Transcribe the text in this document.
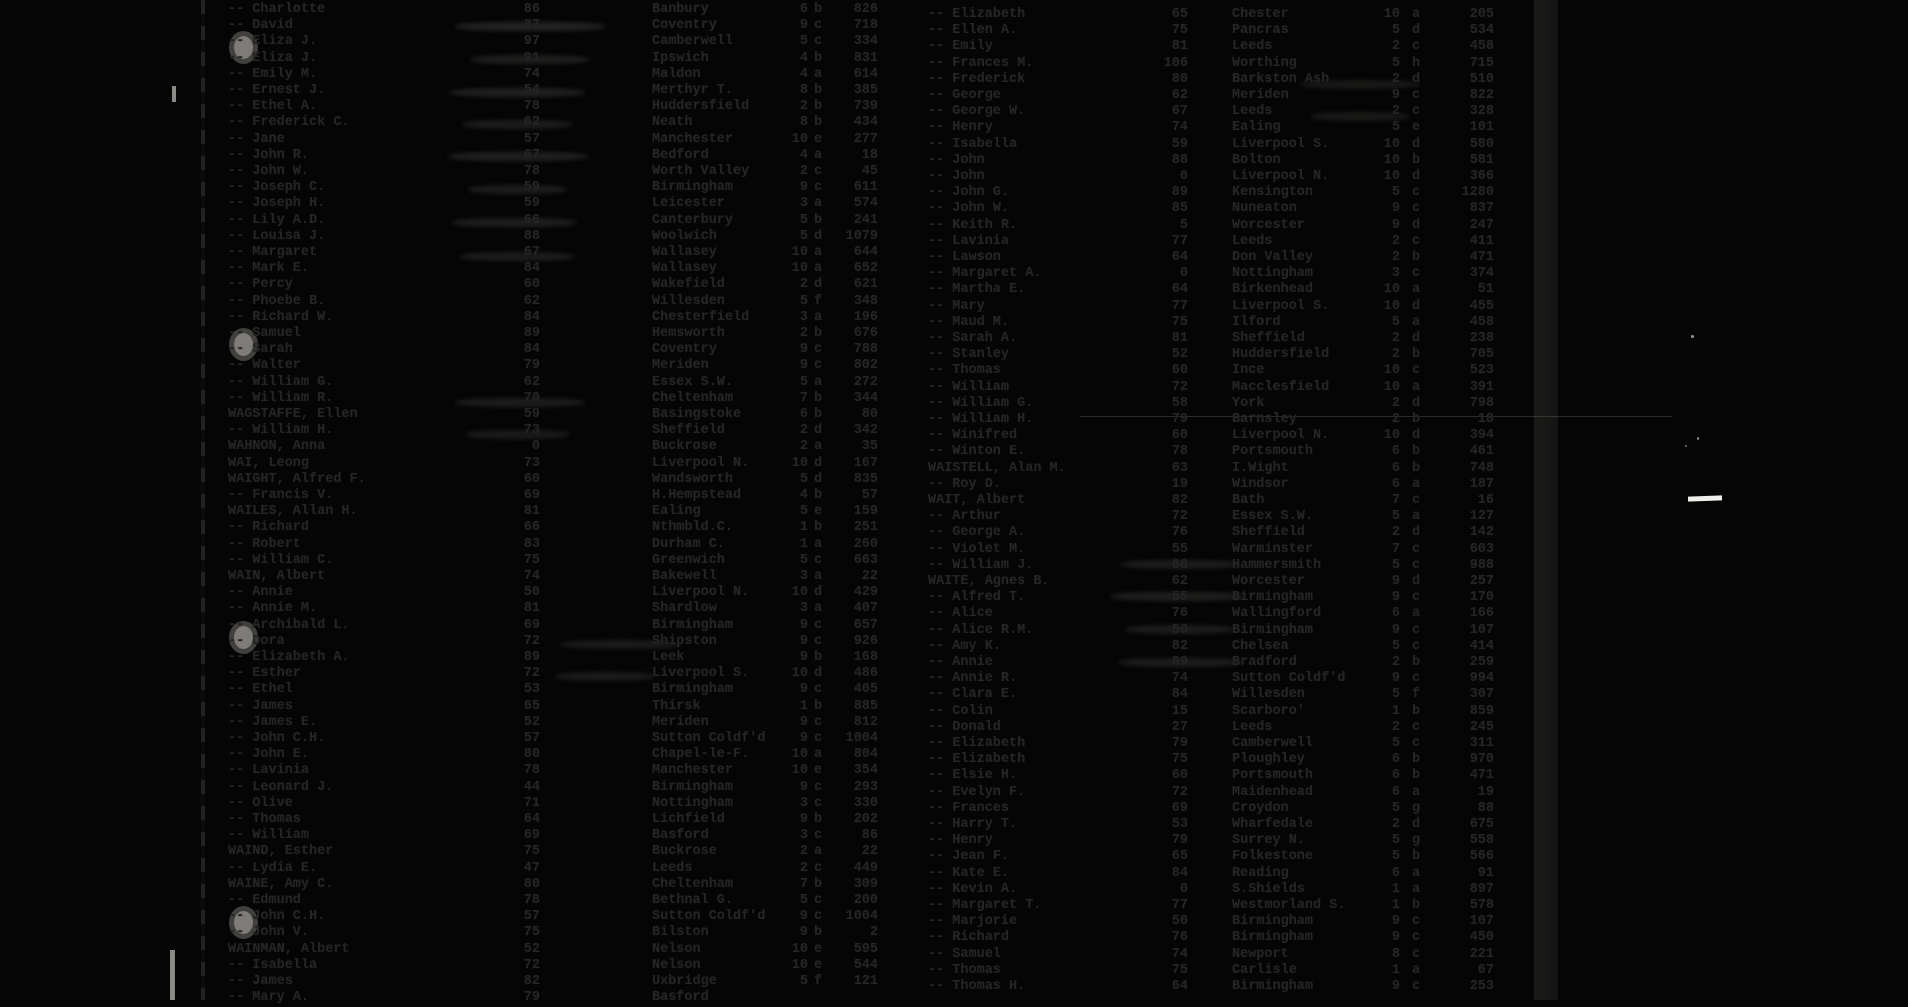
-- Charlotte	86	Banbury	6 b	826
-- David	87	Coventry	9 c	718
-- Eliza J.	97	Camberwell	5 c	334
-- Eliza J.	91	Ipswich	4 b	831
-- Emily M.	74	Maldon	4 a	614
-- Ernest J.	54	Merthyr T.	8 b	385
-- Ethel A.	78	Huddersfield	2 b	739
-- Frederick C.	62	Neath	8 b	434
-- Jane	57	Manchester	10 e	277
-- John R.	67	Bedford	4 a	18
-- John W.	78	Worth Valley	2 c	45
-- Joseph C.	59	Birmingham	9 c	611
-- Joseph H.	59	Leicester	3 a	574
-- Lily A.D.	66	Canterbury	5 b	241
-- Louisa J.	88	Woolwich	5 d	1079
-- Margaret	67	Wallasey	10 a	644
-- Mark E.	84	Wallasey	10 a	652
-- Percy	60	Wakefield	2 d	621
-- Phoebe B.	62	Willesden	5 f	348
-- Richard W.	84	Chesterfield	3 a	196
-- Samuel	89	Hemsworth	2 b	676
-- Sarah	84	Coventry	9 c	788
-- Walter	79	Meriden	9 c	802
-- William G.	62	Essex S.W.	5 a	272
-- William R.	70	Cheltenham	7 b	344
WAGSTAFFE, Ellen	59	Basingstoke	6 b	80
-- William H.	73	Sheffield	2 d	342
WAHNON, Anna	0	Buckrose	2 a	35
WAI, Leong	73	Liverpool N.	10 d	167
WAIGHT, Alfred F.	60	Wandsworth	5 d	835
-- Francis V.	69	H.Hempstead	4 b	57
WAILES, Allan H.	81	Ealing	5 e	159
-- Richard	66	Nthmbld.C.	1 b	251
-- Robert	83	Durham C.	1 a	260
-- William C.	75	Greenwich	5 c	663
WAIN, Albert	74	Bakewell	3 a	22
-- Annie	50	Liverpool N.	10 d	429
-- Annie M.	81	Shardlow	3 a	407
-- Archibald L.	69	Birmingham	9 c	657
-- Dora	72	Shipston	9 c	926
-- Elizabeth A.	89	Leek	9 b	168
-- Esther	72	Liverpool S.	10 d	486
-- Ethel	53	Birmingham	9 c	405
-- James	65	Thirsk	1 b	885
-- James E.	52	Meriden	9 c	812
-- John C.H.	57	Sutton Coldf'd	9 c	1004
-- John E.	80	Chapel-le-F.	10 a	804
-- Lavinia	78	Manchester	10 e	354
-- Leonard J.	44	Birmingham	9 c	293
-- Olive	71	Nottingham	3 c	330
-- Thomas	64	Lichfield	9 b	202
-- William	69	Basford	3 c	86
WAIND, Esther	75	Buckrose	2 a	22
-- Lydia E.	47	Leeds	2 c	449
WAINE, Amy C.	80	Cheltenham	7 b	309
-- Edmund	78	Bethnal G.	5 c	200
-- John C.H.	57	Sutton Coldf'd	9 c	1004
-- John V.	75	Bilston	9 b	2
WAINMAN, Albert	52	Nelson	10 e	595
-- Isabella	72	Nelson	10 e	544
-- James	82	Uxbridge	5 f	121
-- Mary A.	79	Basford
-- Elizabeth	65	Chester	10 a	205
-- Ellen A.	75	Pancras	5 d	534
-- Emily	81	Leeds	2 c	458
-- Frances M.	106	Worthing	5 h	715
-- Frederick	80	Barkston Ash	2 d	510
-- George	62	Meriden	9 c	822
-- George W.	67	Leeds	2 c	328
-- Henry	74	Ealing	5 e	101
-- Isabella	59	Liverpool S.	10 d	580
-- John	88	Bolton	10 b	581
-- John	0	Liverpool N.	10 d	366
-- John G.	89	Kensington	5 c	1280
-- John W.	85	Nuneaton	9 c	837
-- Keith R.	5	Worcester	9 d	247
-- Lavinia	77	Leeds	2 c	411
-- Lawson	64	Don Valley	2 b	471
-- Margaret A.	0	Nottingham	3 c	374
-- Martha E.	64	Birkenhead	10 a	51
-- Mary	77	Liverpool S.	10 d	455
-- Maud M.	75	Ilford	5 a	458
-- Sarah A.	81	Sheffield	2 d	238
-- Stanley	52	Huddersfield	2 b	705
-- Thomas	60	Ince	10 c	523
-- William	72	Macclesfield	10 a	391
-- William G.	58	York	2 d	798
-- William H.	79	Barnsley	2 b	18
-- Winifred	60	Liverpool N.	10 d	394
-- Winton E.	78	Portsmouth	6 b	461
WAISTELL, Alan M.	63	I.Wight	6 b	748
-- Roy D.	19	Windsor	6 a	187
WAIT, Albert	82	Bath	7 c	16
-- Arthur	72	Essex S.W.	5 a	127
-- George A.	76	Sheffield	2 d	142
-- Violet M.	55	Warminster	7 c	603
-- William J.	68	Hammersmith	5 c	988
WAITE, Agnes B.	62	Worcester	9 d	257
-- Alfred T.	55	Birmingham	9 c	170
-- Alice	76	Wallingford	6 a	166
-- Alice R.M.	50	Birmingham	9 c	107
-- Amy K.	82	Chelsea	5 c	414
-- Annie	89	Bradford	2 b	259
-- Annie R.	74	Sutton Coldf'd	9 c	994
-- Clara E.	84	Willesden	5 f	307
-- Colin	15	Scarboro'	1 b	859
-- Donald	27	Leeds	2 c	245
-- Elizabeth	79	Camberwell	5 c	311
-- Elizabeth	75	Ploughley	6 b	970
-- Elsie H.	60	Portsmouth	6 b	471
-- Evelyn F.	72	Maidenhead	6 a	19
-- Frances	69	Croydon	5 g	88
-- Harry T.	53	Wharfedale	2 d	675
-- Henry	79	Surrey N.	5 g	558
-- Jean F.	65	Folkestone	5 b	566
-- Kate E.	84	Reading	6 a	91
-- Kevin A.	0	S.Shields	1 a	897
-- Margaret T.	77	Westmorland S.	1 b	578
-- Marjorie	50	Birmingham	9 c	107
-- Richard	76	Birmingham	9 c	450
-- Samuel	74	Newport	8 c	221
-- Thomas	75	Carlisle	1 a	67
-- Thomas H.	64	Birmingham	9 c	253
